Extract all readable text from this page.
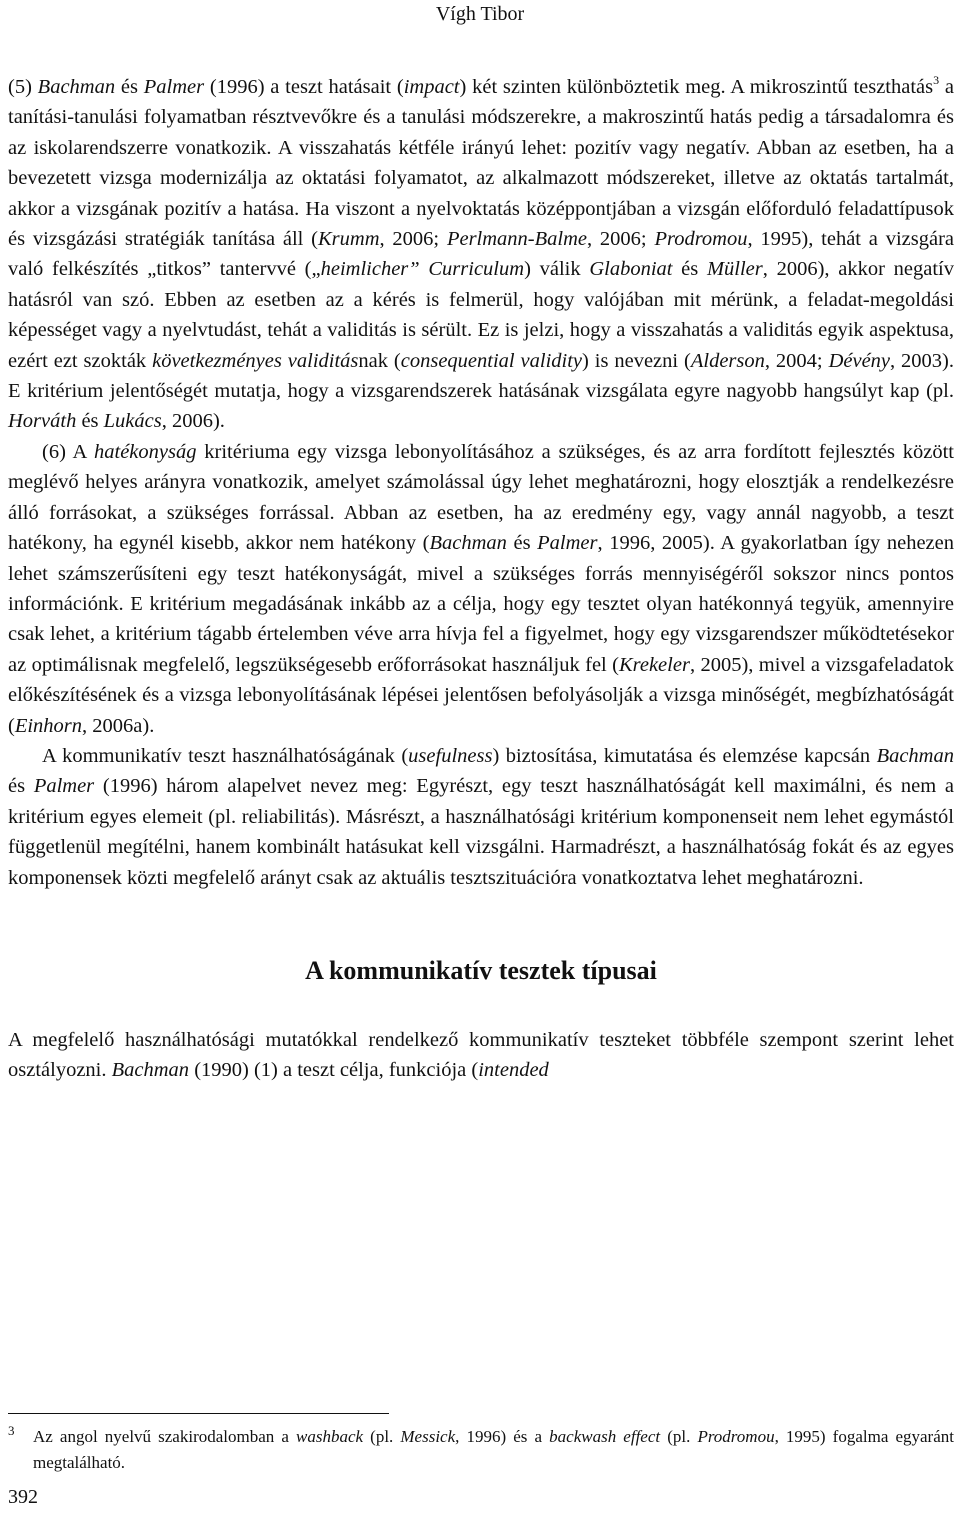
Vígh Tibor

(5) Bachman és Palmer (1996) a teszt hatásait (impact) két szinten különböztetik meg. A mikroszintű teszthatás$^3$ a tanítási-tanulási folyamatban résztvevőkre és a tanulási módszerekre, a makroszintű hatás pedig a társadalomra és az iskolarendszerre vonatkozik. A visszahatás kétféle irányú lehet: pozitív vagy negatív. Abban az esetben, ha a bevezetett vizsga modernizálja az oktatási folyamatot, az alkalmazott módszereket, illetve az oktatás tartalmát, akkor a vizsgának pozitív a hatása. Ha viszont a nyelvoktatás középpontjában a vizsgán előforduló feladattípusok és vizsgázási stratégiák tanítása áll (Krumm, 2006; Perlmann-Balme, 2006; Prodromou, 1995), tehát a vizsgára való felkészítés „titkos” tantervvé („heimlicher” Curriculum) válik Glaboniat és Müller, 2006), akkor negatív hatásról van szó. Ebben az esetben az a kérés is felmerül, hogy valójában mit mérünk, a feladat-megoldási képességet vagy a nyelvtudást, tehát a validitás is sérült. Ez is jelzi, hogy a visszahatás a validitás egyik aspektusa, ezért ezt szokták következményes validitásnak (consequential validity) is nevezni (Alderson, 2004; Dévény, 2003). E kritérium jelentőségét mutatja, hogy a vizsgarendszerek hatásának vizsgálata egyre nagyobb hangsúlyt kap (pl. Horváth és Lukács, 2006).

(6) A hatékonyság kritériuma egy vizsga lebonyolításához a szükséges, és az arra fordított fejlesztés között meglévő helyes arányra vonatkozik, amelyet számolással úgy lehet meghatározni, hogy elosztják a rendelkezésre álló forrásokat, a szükséges forrással. Abban az esetben, ha az eredmény egy, vagy annál nagyobb, a teszt hatékony, ha egynél kisebb, akkor nem hatékony (Bachman és Palmer, 1996, 2005). A gyakorlatban így nehezen lehet számszerűsíteni egy teszt hatékonyságát, mivel a szükséges forrás mennyiségéről sokszor nincs pontos információnk. E kritérium megadásának inkább az a célja, hogy egy tesztet olyan hatékonnyá tegyük, amennyire csak lehet, a kritérium tágabb értelemben véve arra hívja fel a figyelmet, hogy egy vizsgarendszer működtetésekor az optimálisnak megfelelő, legszükségesebb erőforrásokat használjuk fel (Krekeler, 2005), mivel a vizsgafeladatok előkészítésének és a vizsga lebonyolításának lépései jelentősen befolyásolják a vizsga minőségét, megbízhatóságát (Einhorn, 2006a).

A kommunikatív teszt használhatóságának (usefulness) biztosítása, kimutatása és elemzése kapcsán Bachman és Palmer (1996) három alapelvet nevez meg: Egyrészt, egy teszt használhatóságát kell maximálni, és nem a kritérium egyes elemeit (pl. reliabilitás). Másrészt, a használhatósági kritérium komponenseit nem lehet egymástól függetlenül megítélni, hanem kombinált hatásukat kell vizsgálni. Harmadrészt, a használhatóság fokát és az egyes komponensek közti megfelelő arányt csak az aktuális tesztszituációra vonatkoztatva lehet meghatározni.

A kommunikatív tesztek típusai

A megfelelő használhatósági mutatókkal rendelkező kommunikatív teszteket többféle szempont szerint lehet osztályozni. Bachman (1990) (1) a teszt célja, funkciója (intended

3	Az angol nyelvű szakirodalomban a washback (pl. Messick, 1996) és a backwash effect (pl. Prodromou, 1995) fogalma egyaránt megtalálható.
392
